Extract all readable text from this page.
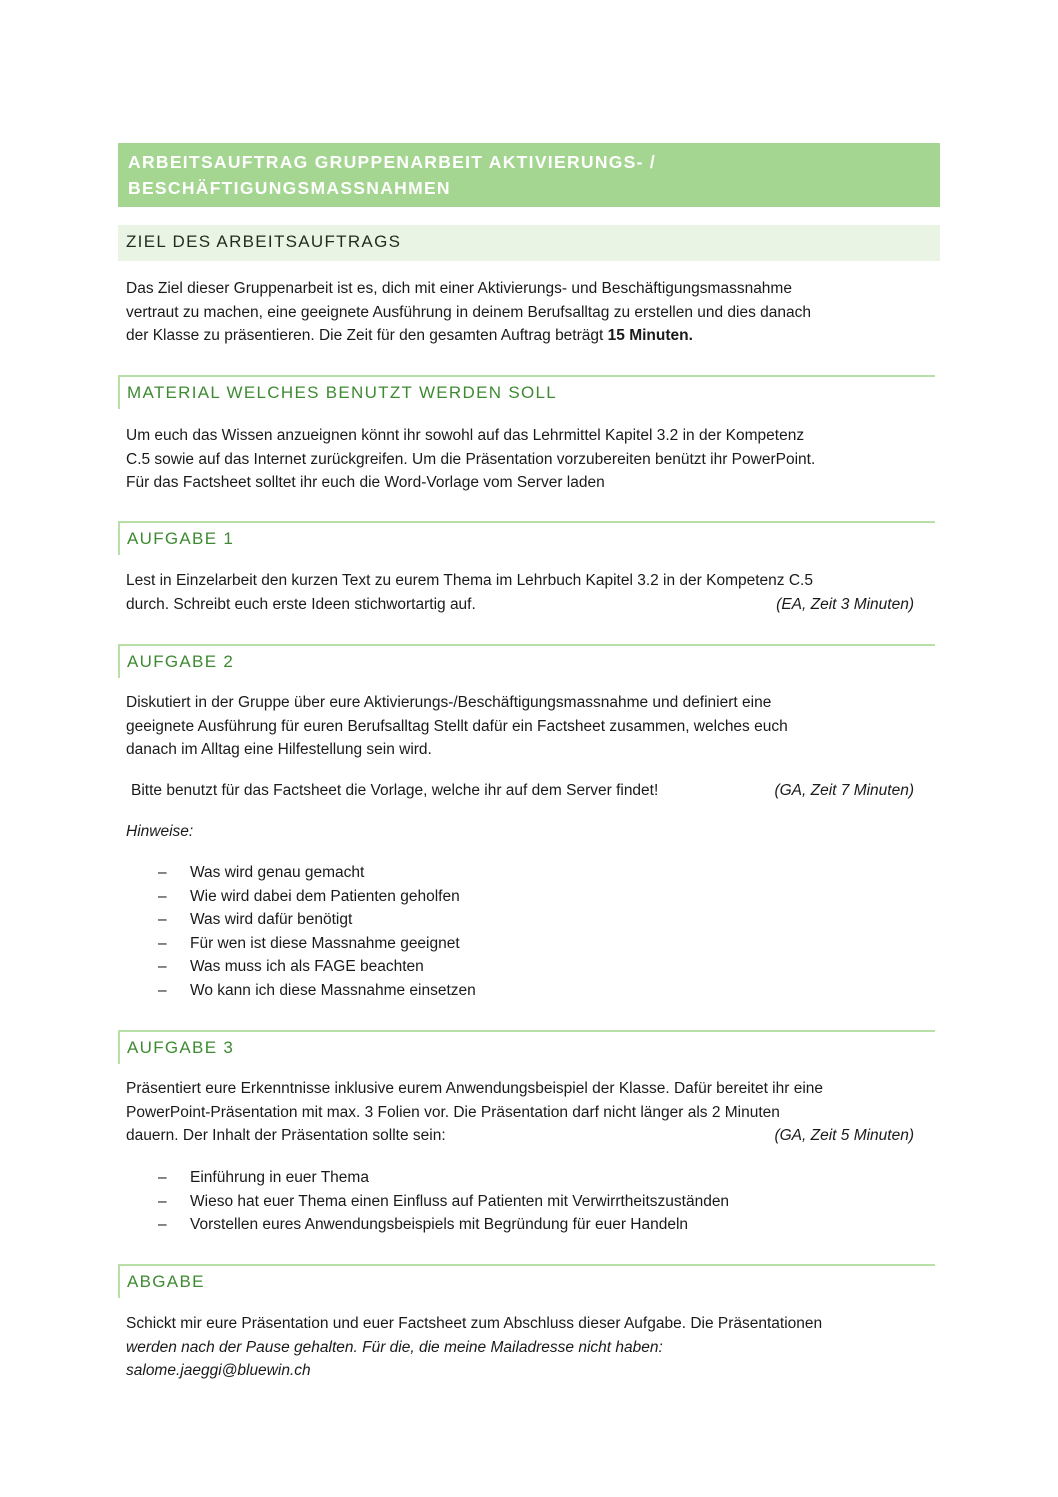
ARBEITSAUFTRAG GRUPPENARBEIT AKTIVIERUNGS- /
BESCHÄFTIGUNGSMASSNAHMEN
ZIEL DES ARBEITSAUFTRAGS

Das Ziel dieser Gruppenarbeit ist es, dich mit einer Aktivierungs- und Beschäftigungsmassnahme
vertraut zu machen, eine geeignete Ausführung in deinem Berufsalltag zu erstellen und dies danach
der Klasse zu präsentieren. Die Zeit für den gesamten Auftrag beträgt 15 Minuten.

MATERIAL WELCHES BENUTZT WERDEN SOLL

Um euch das Wissen anzueignen könnt ihr sowohl auf das Lehrmittel Kapitel 3.2 in der Kompetenz
C.5 sowie auf das Internet zurückgreifen. Um die Präsentation vorzubereiten benützt ihr PowerPoint.
Für das Factsheet solltet ihr euch die Word-Vorlage vom Server laden

AUFGABE 1

Lest in Einzelarbeit den kurzen Text zu eurem Thema im Lehrbuch Kapitel 3.2 in der Kompetenz C.5
durch. Schreibt euch erste Ideen stichwortartig auf.	(EA, Zeit 3 Minuten)

AUFGABE 2

Diskutiert in der Gruppe über eure Aktivierungs-/Beschäftigungsmassnahme und definiert eine
geeignete Ausführung für euren Berufsalltag Stellt dafür ein Factsheet zusammen, welches euch
danach im Alltag eine Hilfestellung sein wird.

Bitte benutzt für das Factsheet die Vorlage, welche ihr auf dem Server findet!	(GA, Zeit 7 Minuten)

Hinweise:

–	Was wird genau gemacht
–	Wie wird dabei dem Patienten geholfen
–	Was wird dafür benötigt
–	Für wen ist diese Massnahme geeignet
–	Was muss ich als FAGE beachten
–	Wo kann ich diese Massnahme einsetzen
AUFGABE 3

Präsentiert eure Erkenntnisse inklusive eurem Anwendungsbeispiel der Klasse. Dafür bereitet ihr eine
PowerPoint-Präsentation mit max. 3 Folien vor. Die Präsentation darf nicht länger als 2 Minuten
dauern. Der Inhalt der Präsentation sollte sein:	(GA, Zeit 5 Minuten)

–	Einführung in euer Thema
–	Wieso hat euer Thema einen Einfluss auf Patienten mit Verwirrtheitszuständen
–	Vorstellen eures Anwendungsbeispiels mit Begründung für euer Handeln
ABGABE

Schickt mir eure Präsentation und euer Factsheet zum Abschluss dieser Aufgabe. Die Präsentationen
werden nach der Pause gehalten. Für die, die meine Mailadresse nicht haben:
salome.jaeggi@bluewin.ch
